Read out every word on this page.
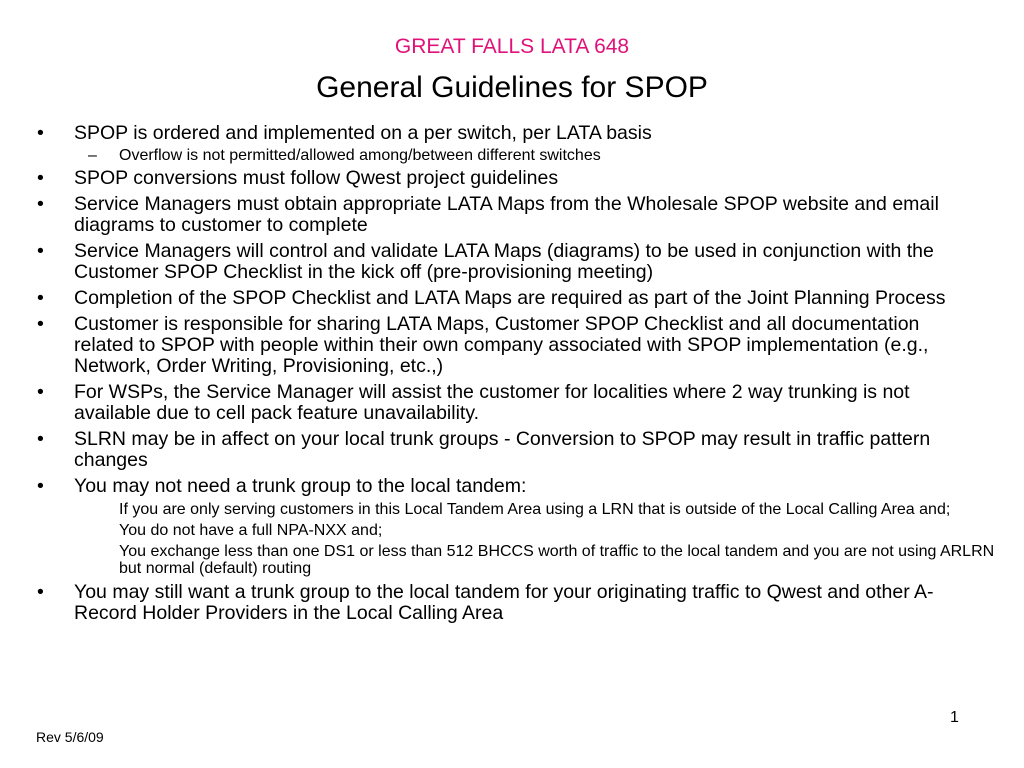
GREAT FALLS LATA 648
General Guidelines for SPOP
• SPOP is ordered and implemented on a per switch, per LATA basis
– Overflow is not permitted/allowed among/between different switches
• SPOP conversions must follow Qwest project guidelines
• Service Managers must obtain appropriate LATA Maps from the Wholesale SPOP website and email diagrams to customer to complete
• Service Managers will control and validate LATA Maps (diagrams) to be used in conjunction with the Customer SPOP Checklist in the kick off (pre-provisioning meeting)
• Completion of the SPOP Checklist and LATA Maps are required as part of the Joint Planning Process
• Customer is responsible for sharing LATA Maps, Customer SPOP Checklist and all documentation related to SPOP with people within their own company associated with SPOP implementation (e.g., Network, Order Writing, Provisioning, etc.,)
• For WSPs, the Service Manager will assist the customer for localities where 2 way trunking is not available due to cell pack feature unavailability.
• SLRN may be in affect on your local trunk groups - Conversion to SPOP may result in traffic pattern changes
• You may not need a trunk group to the local tandem:
If you are only serving customers in this Local Tandem Area using a LRN that is outside of the Local Calling Area and;
You do not have a full NPA-NXX and;
You exchange less than one DS1 or less than 512 BHCCS worth of traffic to the local tandem and you are not using ARLRN but normal (default) routing
• You may still want a trunk group to the local tandem for your originating traffic to Qwest and other A-Record Holder Providers in the Local Calling Area
1
Rev 5/6/09
